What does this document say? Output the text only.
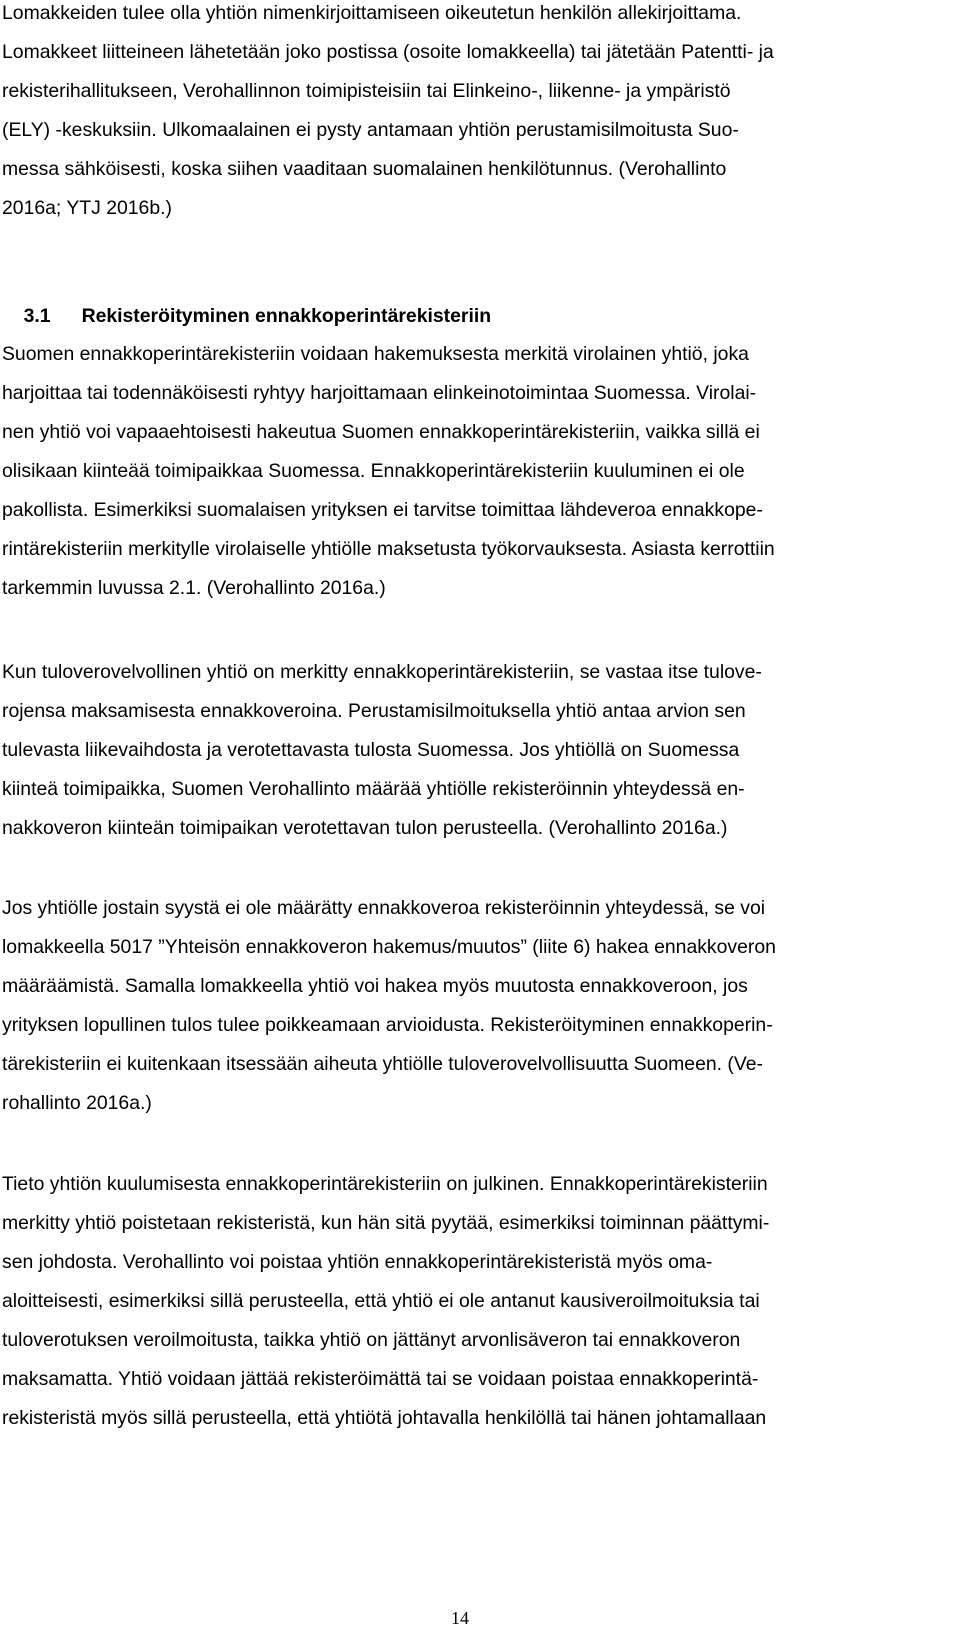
Lomakkeiden tulee olla yhtiön nimenkirjoittamiseen oikeutetun henkilön allekirjoittama.
Lomakkeet liitteineen lähetetään joko postissa (osoite lomakkeella) tai jätetään Patentti- ja
rekisterihallitukseen, Verohallinnon toimipisteisiin tai Elinkeino-, liikenne- ja ympäristö
(ELY) -keskuksiin. Ulkomaalainen ei pysty antamaan yhtiön perustamisilmoitusta Suo-
messa sähköisesti, koska siihen vaaditaan suomalainen henkilötunnus. (Verohallinto
2016a; YTJ 2016b.)

3.1 Rekisteröityminen ennakkoperintärekisteriin

Suomen ennakkoperintärekisteriin voidaan hakemuksesta merkitä virolainen yhtiö, joka
harjoittaa tai todennäköisesti ryhtyy harjoittamaan elinkeinotoimintaa Suomessa. Virolai-
nen yhtiö voi vapaaehtoisesti hakeutua Suomen ennakkoperintärekisteriin, vaikka sillä ei
olisikaan kiinteää toimipaikkaa Suomessa. Ennakkoperintärekisteriin kuuluminen ei ole
pakollista. Esimerkiksi suomalaisen yrityksen ei tarvitse toimittaa lähdeveroa ennakkope-
rintärekisteriin merkitylle virolaiselle yhtiölle maksetusta työkorvauksesta. Asiasta kerrottiin
tarkemmin luvussa 2.1. (Verohallinto 2016a.)
Kun tuloverovelvollinen yhtiö on merkitty ennakkoperintärekisteriin, se vastaa itse tulove-
rojensa maksamisesta ennakkoveroina. Perustamisilmoituksella yhtiö antaa arvion sen
tulevasta liikevaihdosta ja verotettavasta tulosta Suomessa. Jos yhtiöllä on Suomessa
kiinteä toimipaikka, Suomen Verohallinto määrää yhtiölle rekisteröinnin yhteydessä en-
nakkoveron kiinteän toimipaikan verotettavan tulon perusteella. (Verohallinto 2016a.)
Jos yhtiölle jostain syystä ei ole määrätty ennakkoveroa rekisteröinnin yhteydessä, se voi
lomakkeella 5017 ”Yhteisön ennakkoveron hakemus/muutos” (liite 6) hakea ennakkoveron
määräämistä. Samalla lomakkeella yhtiö voi hakea myös muutosta ennakkoveroon, jos
yrityksen lopullinen tulos tulee poikkeamaan arvioidusta. Rekisteröityminen ennakkoperin-
tärekisteriin ei kuitenkaan itsessään aiheuta yhtiölle tuloverovelvollisuutta Suomeen. (Ve-
rohallinto 2016a.)
Tieto yhtiön kuulumisesta ennakkoperintärekisteriin on julkinen. Ennakkoperintärekisteriin
merkitty yhtiö poistetaan rekisteristä, kun hän sitä pyytää, esimerkiksi toiminnan päättymi-
sen johdosta. Verohallinto voi poistaa yhtiön ennakkoperintärekisteristä myös oma-
aloitteisesti, esimerkiksi sillä perusteella, että yhtiö ei ole antanut kausiveroilmoituksia tai
tuloverotuksen veroilmoitusta, taikka yhtiö on jättänyt arvonlisäveron tai ennakkoveron
maksamatta. Yhtiö voidaan jättää rekisteröimättä tai se voidaan poistaa ennakkoperintä-
rekisteristä myös sillä perusteella, että yhtiötä johtavalla henkilöllä tai hänen johtamallaan
14
